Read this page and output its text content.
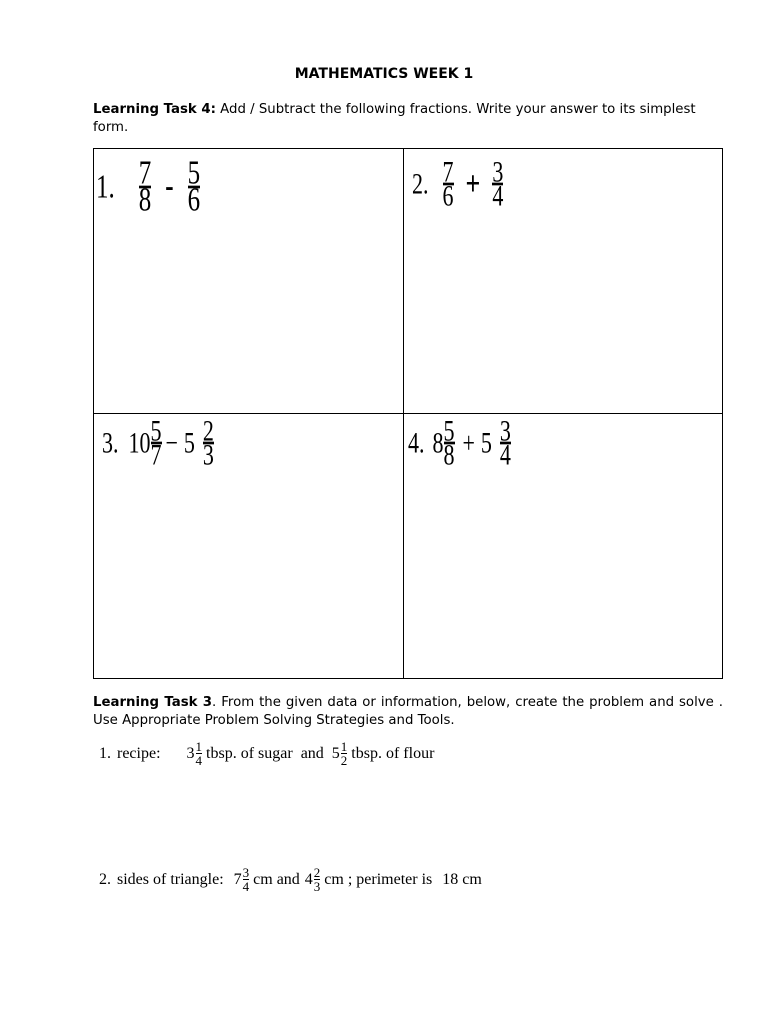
MATHEMATICS WEEK 1
Learning Task 4: Add / Subtract the following fractions. Write your answer to its simplest form.
1. $\frac{7}{8} - \frac{5}{6}$	2. $\frac{7}{6} + \frac{3}{4}$
3. $10 \frac{5}{7} - 5 \frac{2}{3}$	4. $8 \frac{5}{8} + 5 \frac{3}{4}$
Learning Task 3. From the given data or information, below, create the problem and solve . Use Appropriate Problem Solving Strategies and Tools.
1. recipe: 3 1
4 tbsp. of sugar and 5 1
2 tbsp. of flour
2. sides of triangle: 7 3
4 cm and 4 2
3 cm ; perimeter is 18 cm
